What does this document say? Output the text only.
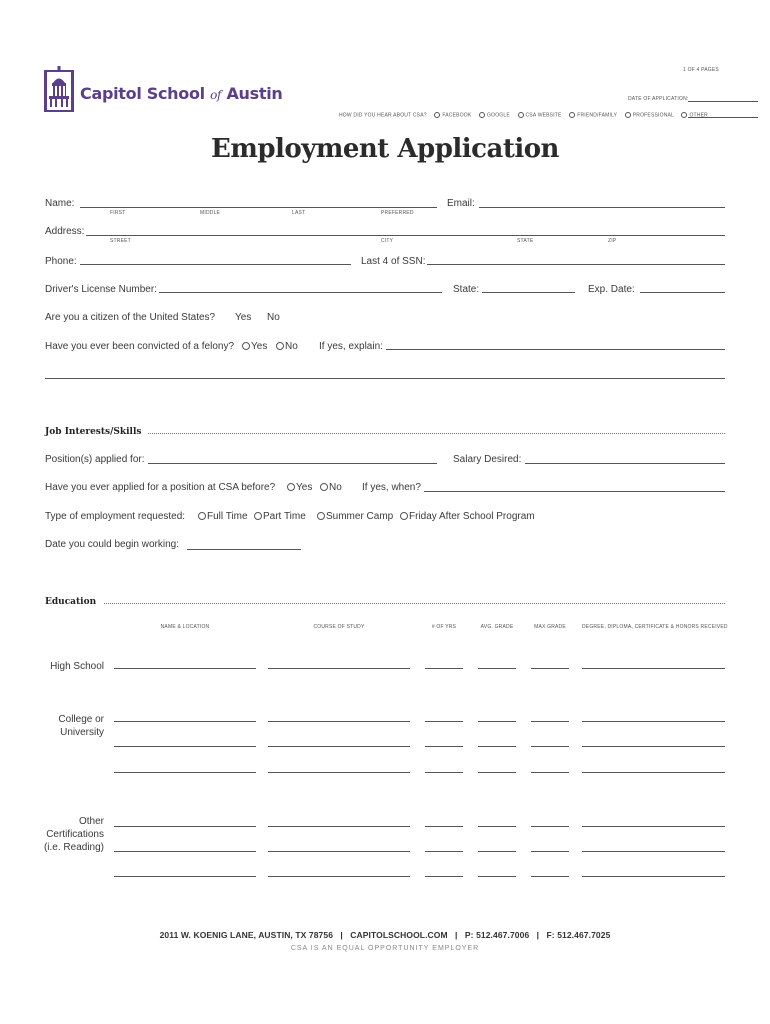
1 OF 4 PAGES
Capitol School of Austin	DATE OF APPLICATION:
HOW DID YOU HEAR ABOUT CSA?	FACEBOOK	GOOGLE	CSA WEBSITE	FRIEND/FAMILY	PROFESSIONAL	OTHER
Employment Application
Name:
FIRST	MIDDLE	LAST	PREFERRED
Email:
Address:
STREET	CITY	STATE	ZIP
Phone:	Last 4 of SSN:
Driver's License Number:	State:	Exp. Date:
Are you a citizen of the United States? Yes No
Have you ever been convicted of a felony?	Yes	No If yes, explain:
Job Interests/Skills
Position(s) applied for:	Salary Desired:
Have you ever applied for a position at CSA before?	Yes	No If yes, when?
Type of employment requested:	Full Time	Part Time	Summer Camp	Friday After School Program
Date you could begin working:
Education
NAME & LOCATION	COURSE OF STUDY	# OF YRS	AVG. GRADE	MAX GRADE	DEGREE, DIPLOMA, CERTIFICATE & HONORS RECEIVED
High School
College or
University
Other
Certifications
(i.e. Reading)
2011 W. KOENIG LANE, AUSTIN, TX 78756   |   CAPITOLSCHOOL.COM   |   P: 512.467.7006   |   F: 512.467.7025
CSA IS AN EQUAL OPPORTUNITY EMPLOYER
